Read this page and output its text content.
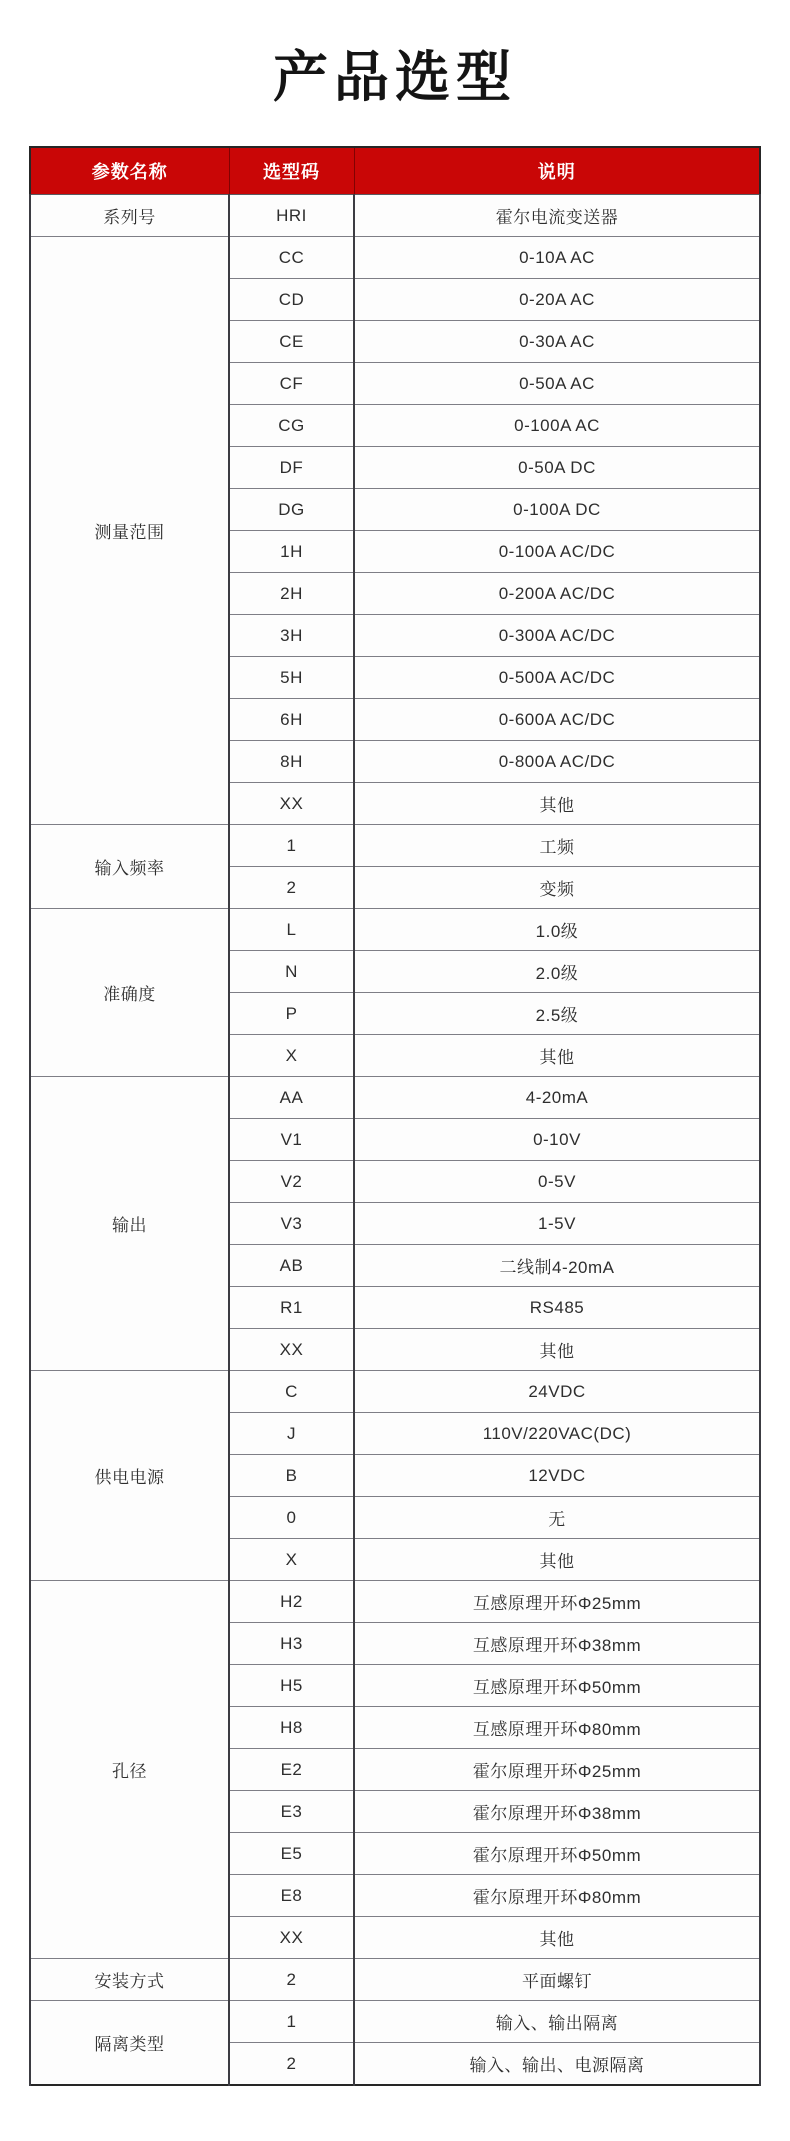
产品选型
参数名称	选型码	说明
系列号	HRI	霍尔电流变送器
测量范围	CC	0-10A AC
	CD	0-20A AC
	CE	0-30A AC
	CF	0-50A AC
	CG	0-100A AC
	DF	0-50A DC
	DG	0-100A DC
	1H	0-100A AC/DC
	2H	0-200A AC/DC
	3H	0-300A AC/DC
	5H	0-500A AC/DC
	6H	0-600A AC/DC
	8H	0-800A AC/DC
	XX	其他
输入频率	1	工频
	2	变频
准确度	L	1.0级
	N	2.0级
	P	2.5级
	X	其他
输出	AA	4-20mA
	V1	0-10V
	V2	0-5V
	V3	1-5V
	AB	二线制4-20mA
	R1	RS485
	XX	其他
供电电源	C	24VDC
	J	110V/220VAC(DC)
	B	12VDC
	0	无
	X	其他
孔径	H2	互感原理开环Φ25mm
	H3	互感原理开环Φ38mm
	H5	互感原理开环Φ50mm
	H8	互感原理开环Φ80mm
	E2	霍尔原理开环Φ25mm
	E3	霍尔原理开环Φ38mm
	E5	霍尔原理开环Φ50mm
	E8	霍尔原理开环Φ80mm
	XX	其他
安装方式	2	平面螺钉
隔离类型	1	输入、输出隔离
	2	输入、输出、电源隔离
